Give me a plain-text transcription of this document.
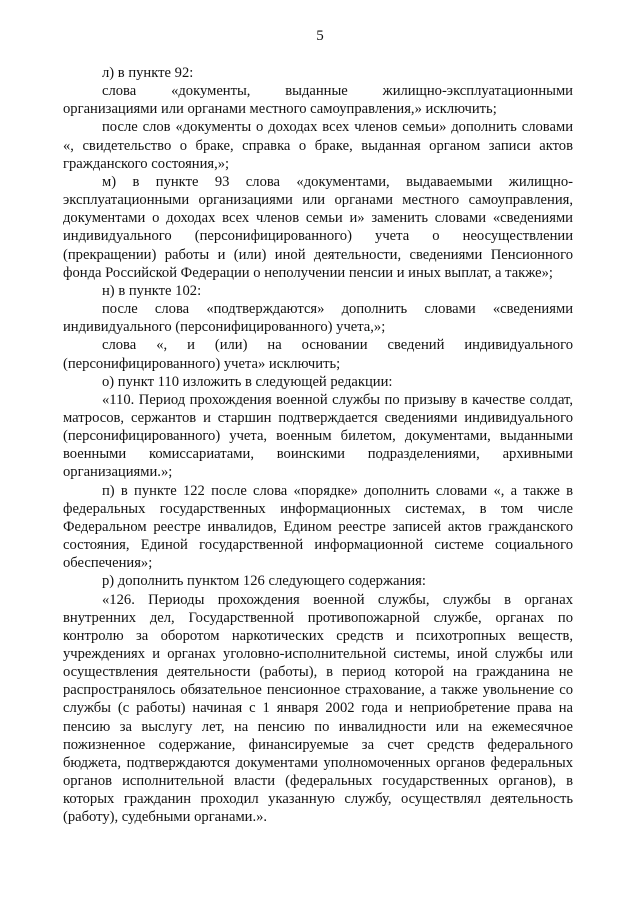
5

л) в пункте 92:

слова «документы, выданные жилищно-эксплуатационными организациями или органами местного самоуправления,» исключить;

после слов «документы о доходах всех членов семьи» дополнить словами «, свидетельство о браке, справка о браке, выданная органом записи актов гражданского состояния,»;

м) в пункте 93 слова «документами, выдаваемыми жилищно-эксплуатационными организациями или органами местного самоуправления, документами о доходах всех членов семьи и» заменить словами «сведениями индивидуального (персонифицированного) учета о неосуществлении (прекращении) работы и (или) иной деятельности, сведениями Пенсионного фонда Российской Федерации о неполучении пенсии и иных выплат, а также»;

н) в пункте 102:

после слова «подтверждаются» дополнить словами «сведениями индивидуального (персонифицированного) учета,»;

слова «, и (или) на основании сведений индивидуального (персонифицированного) учета» исключить;

о) пункт 110 изложить в следующей редакции:

«110. Период прохождения военной службы по призыву в качестве солдат, матросов, сержантов и старшин подтверждается сведениями индивидуального (персонифицированного) учета, военным билетом, документами, выданными военными комиссариатами, воинскими подразделениями, архивными организациями.»;

п) в пункте 122 после слова «порядке» дополнить словами «, а также в федеральных государственных информационных системах, в том числе Федеральном реестре инвалидов, Едином реестре записей актов гражданского состояния, Единой государственной информационной системе социального обеспечения»;

р) дополнить пунктом 126 следующего содержания:

«126. Периоды прохождения военной службы, службы в органах внутренних дел, Государственной противопожарной службе, органах по контролю за оборотом наркотических средств и психотропных веществ, учреждениях и органах уголовно-исполнительной системы, иной службы или осуществления деятельности (работы), в период которой на гражданина не распространялось обязательное пенсионное страхование, а также увольнение со службы (с работы) начиная с 1 января 2002 года и неприобретение права на пенсию за выслугу лет, на пенсию по инвалидности или на ежемесячное пожизненное содержание, финансируемые за счет средств федерального бюджета, подтверждаются документами уполномоченных органов федеральных органов исполнительной власти (федеральных государственных органов), в которых гражданин проходил указанную службу, осуществлял деятельность (работу), судебными органами.».
